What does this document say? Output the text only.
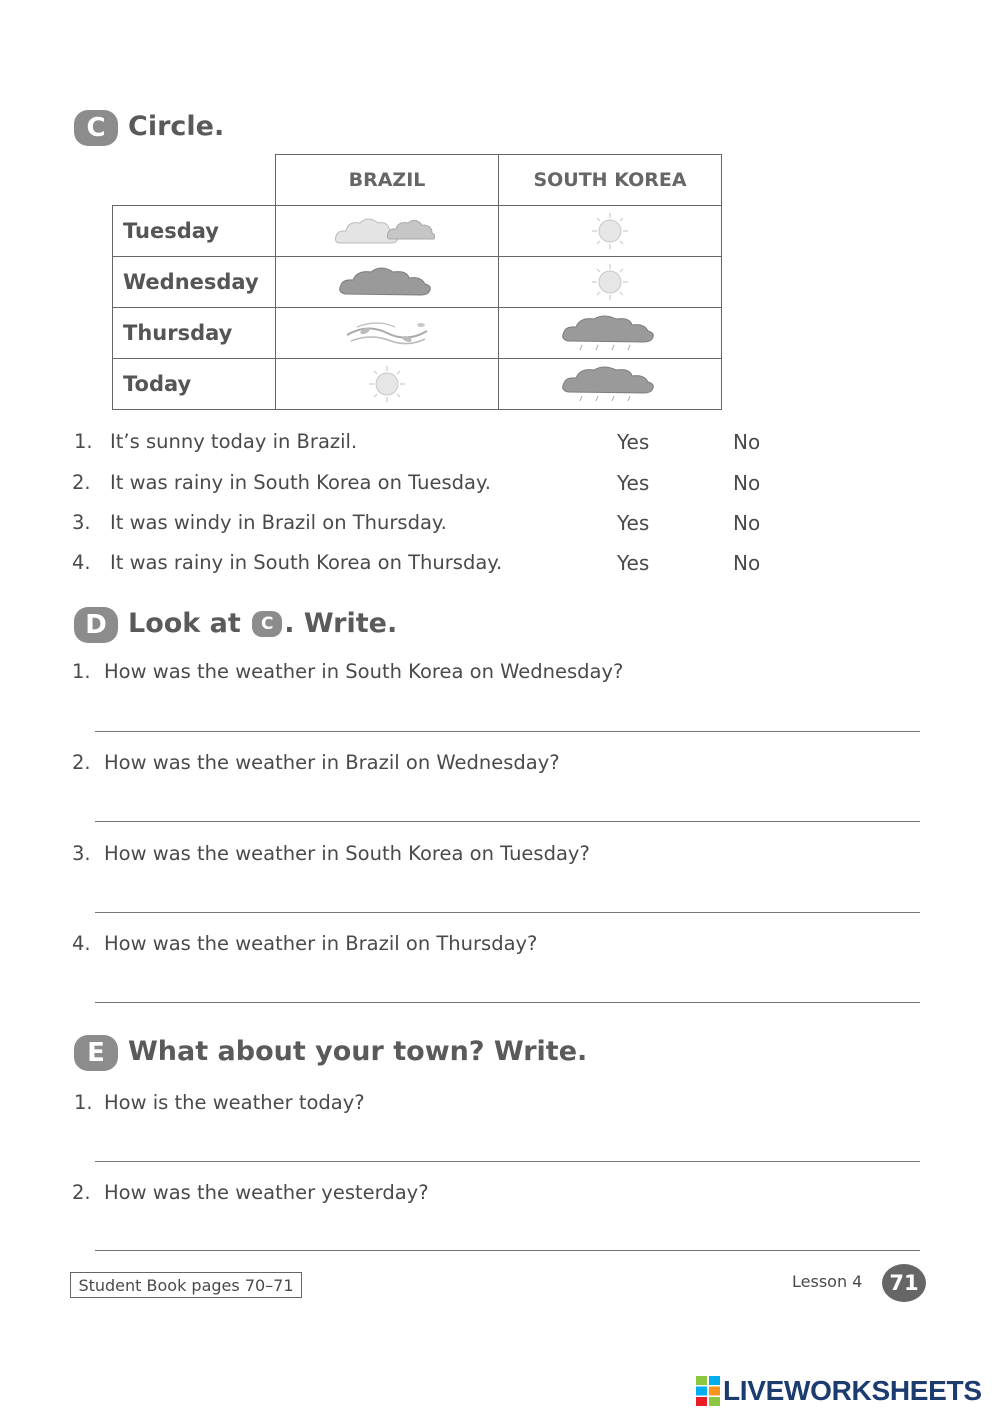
C Circle.
	BRAZIL	SOUTH KOREA
Tuesday	

Wednesday	

Thursday	

Today	

1. It’s sunny today in Brazil.	Yes	No
2. It was rainy in South Korea on Tuesday.	Yes	No
3. It was windy in Brazil on Thursday.	Yes	No
4. It was rainy in South Korea on Thursday.	Yes	No
D Look at C . Write.
1. How was the weather in South Korea on Wednesday?
2. How was the weather in Brazil on Wednesday?
3. How was the weather in South Korea on Tuesday?
4. How was the weather in Brazil on Thursday?
E What about your town? Write.
1. How is the weather today?
2. How was the weather yesterday?
Student Book pages 70–71	Lesson 4	71
LIVEWORKSHEETS
